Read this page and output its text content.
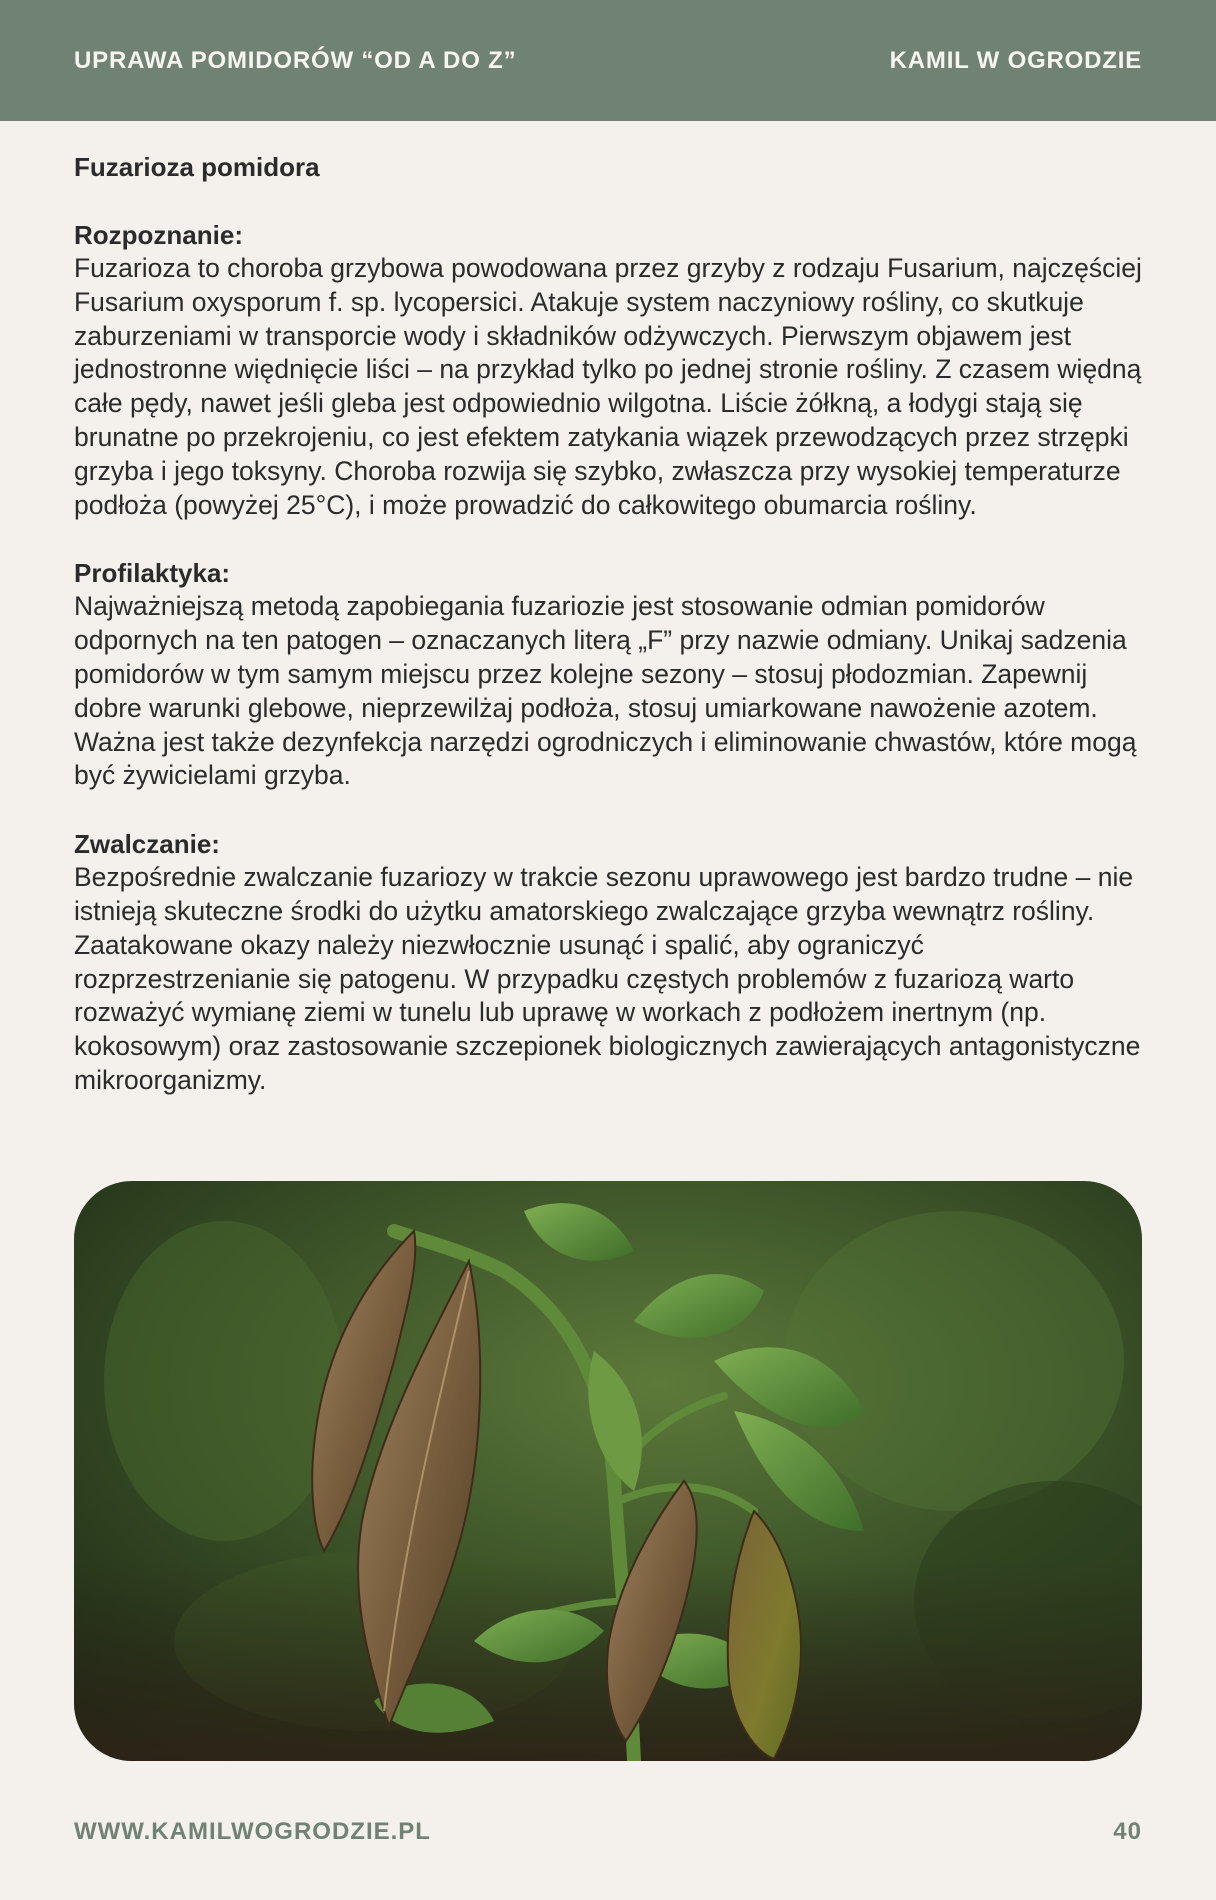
UPRAWA POMIDORÓW “OD A DO Z”	KAMIL W OGRODZIE

Fuzarioza pomidora

Rozpoznanie:

Fuzarioza to choroba grzybowa powodowana przez grzyby z rodzaju Fusarium, najczęściej Fusarium oxysporum f. sp. lycopersici. Atakuje system naczyniowy rośliny, co skutkuje zaburzeniami w transporcie wody i składników odżywczych. Pierwszym objawem jest jednostronne więdnięcie liści – na przykład tylko po jednej stronie rośliny. Z czasem więdną całe pędy, nawet jeśli gleba jest odpowiednio wilgotna. Liście żółkną, a łodygi stają się brunatne po przekrojeniu, co jest efektem zatykania wiązek przewodzących przez strzępki grzyba i jego toksyny. Choroba rozwija się szybko, zwłaszcza przy wysokiej temperaturze podłoża (powyżej 25°C), i może prowadzić do całkowitego obumarcia rośliny.

Profilaktyka:

Najważniejszą metodą zapobiegania fuzariozie jest stosowanie odmian pomidorów odpornych na ten patogen – oznaczanych literą „F” przy nazwie odmiany. Unikaj sadzenia pomidorów w tym samym miejscu przez kolejne sezony – stosuj płodozmian. Zapewnij dobre warunki glebowe, nieprzewilżaj podłoża, stosuj umiarkowane nawożenie azotem. Ważna jest także dezynfekcja narzędzi ogrodniczych i eliminowanie chwastów, które mogą być żywicielami grzyba.

Zwalczanie:

Bezpośrednie zwalczanie fuzariozy w trakcie sezonu uprawowego jest bardzo trudne – nie istnieją skuteczne środki do użytku amatorskiego zwalczające grzyba wewnątrz rośliny. Zaatakowane okazy należy niezwłocznie usunąć i spalić, aby ograniczyć rozprzestrzenianie się patogenu. W przypadku częstych problemów z fuzariozą warto rozważyć wymianę ziemi w tunelu lub uprawę w workach z podłożem inertnym (np. kokosowym) oraz zastosowanie szczepionek biologicznych zawierających antagonistyczne mikroorganizmy.

WWW.KAMILWOGRODZIE.PL	40
